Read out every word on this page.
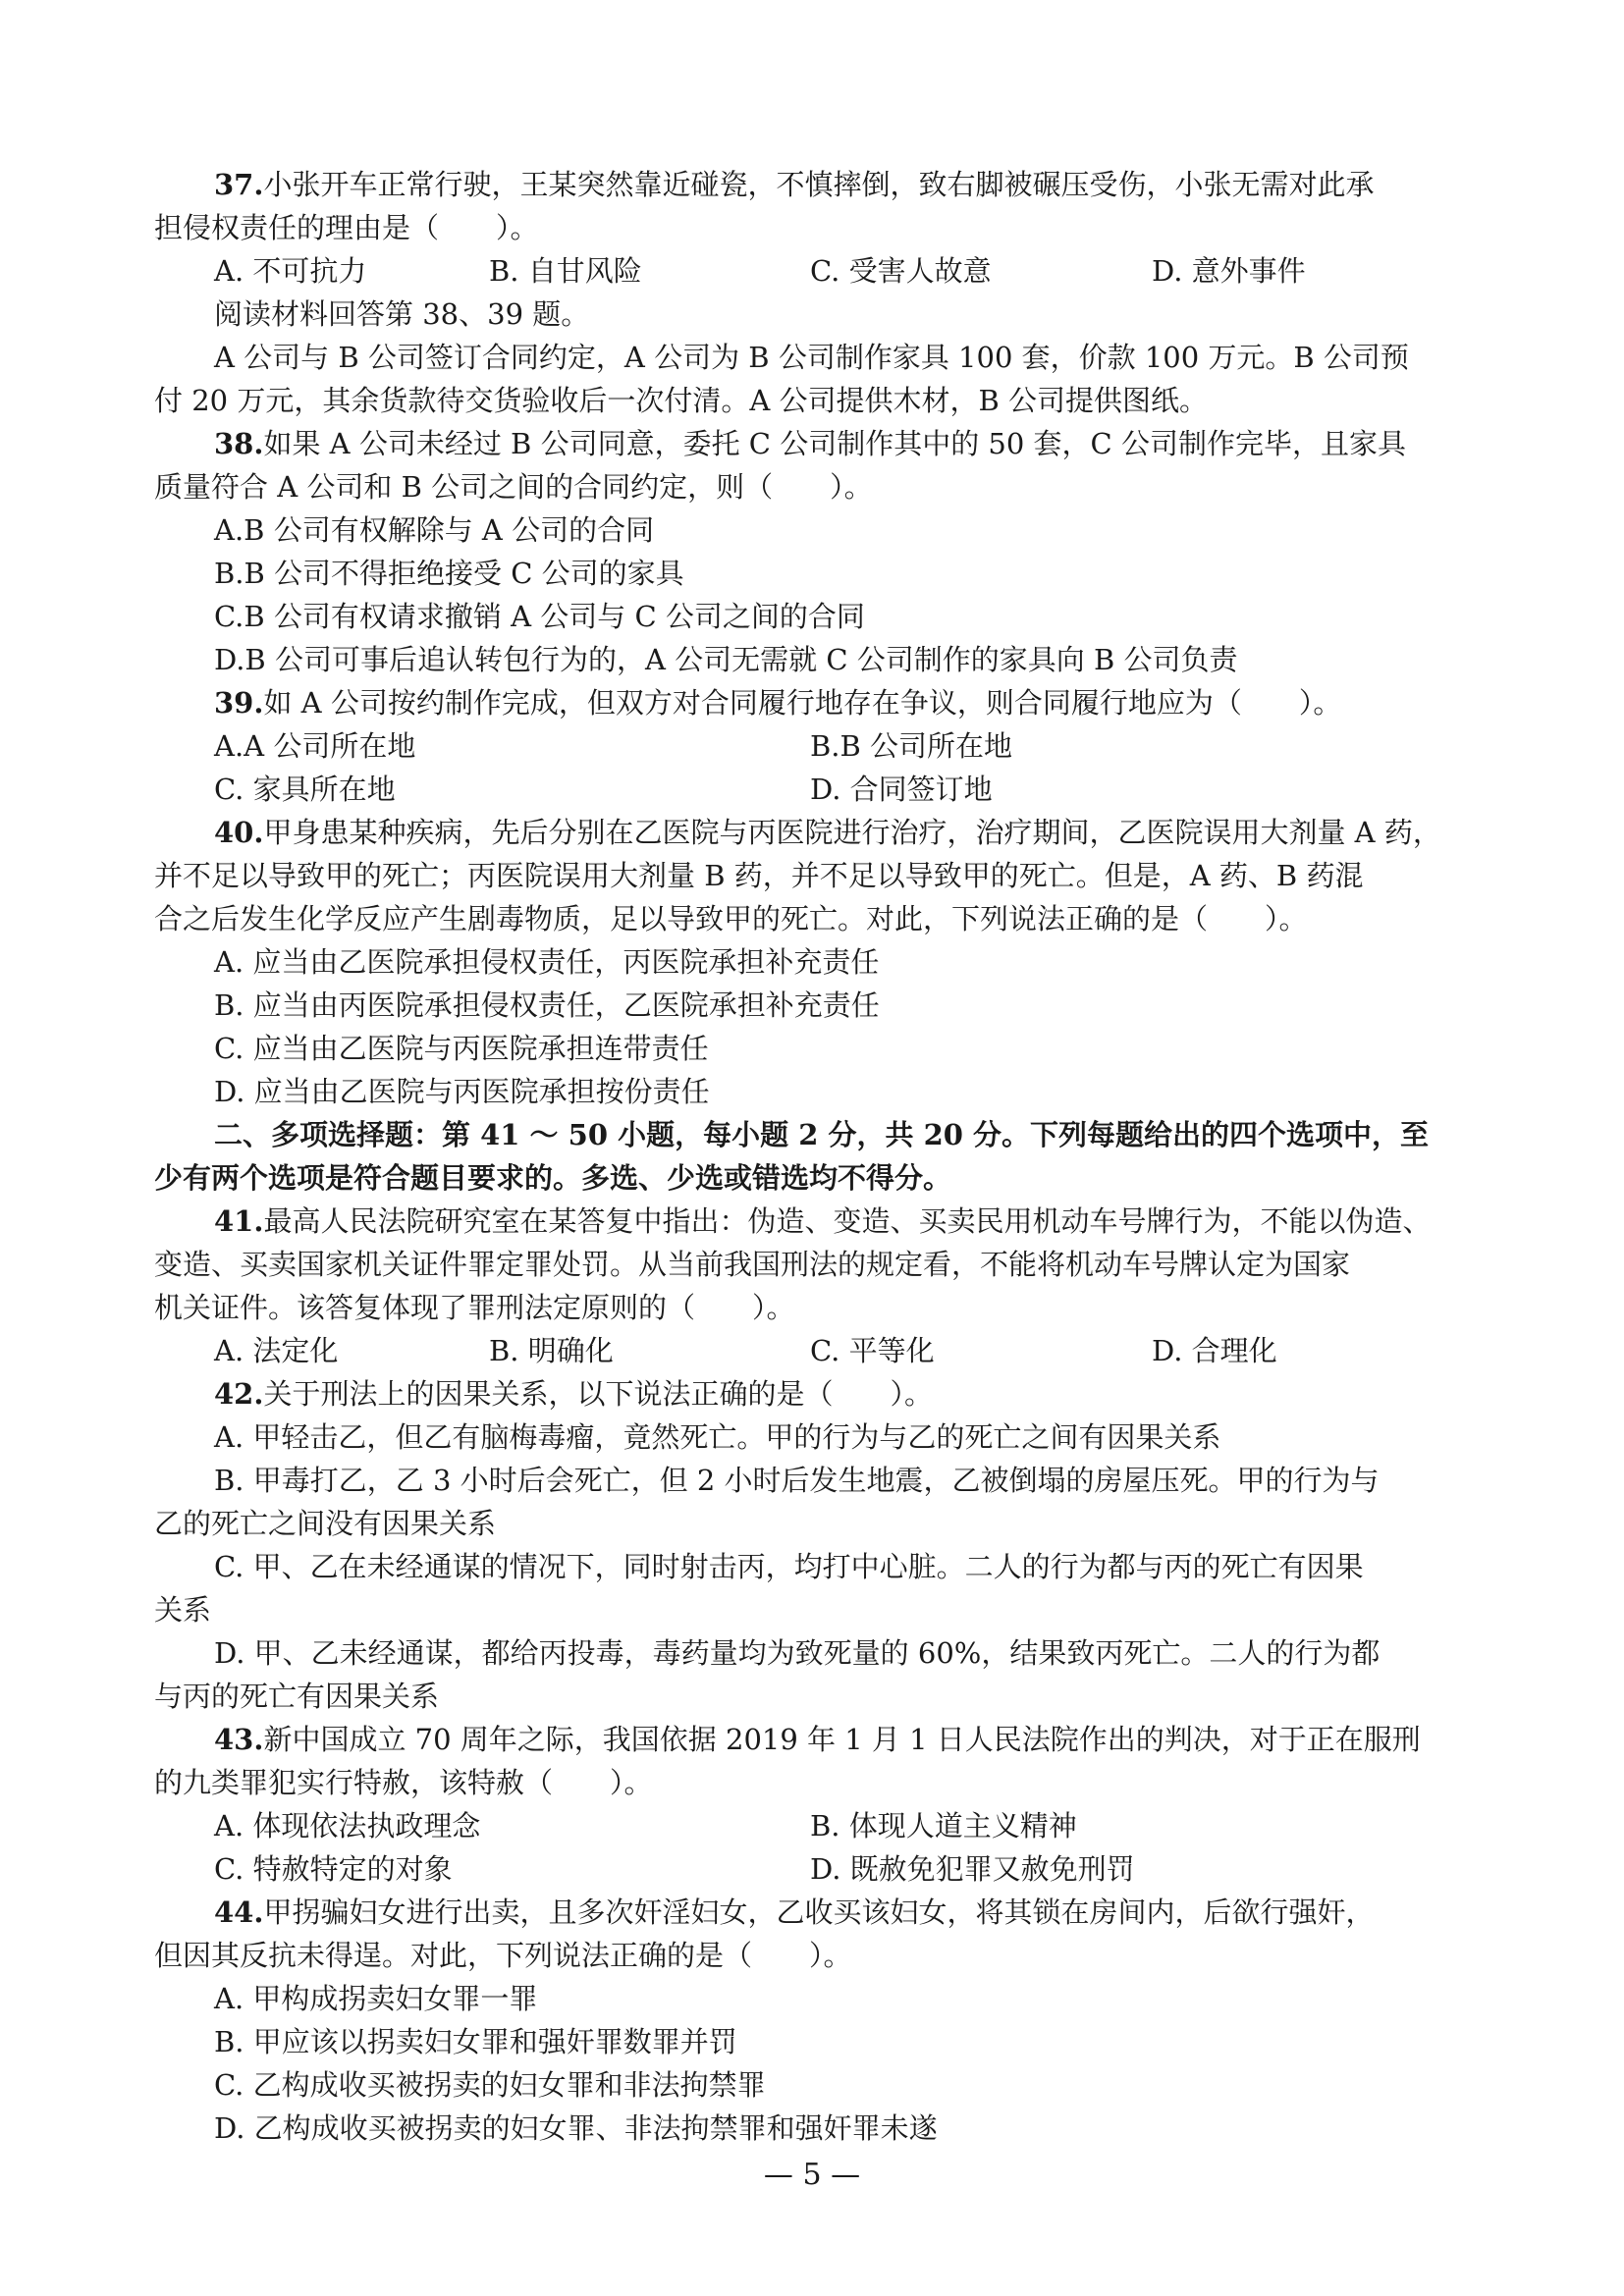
37.小张开车正常行驶，王某突然靠近碰瓷，不慎摔倒，致右脚被碾压受伤，小张无需对此承
担侵权责任的理由是（　　）。
A. 不可抗力	B. 自甘风险	C. 受害人故意	D. 意外事件
阅读材料回答第 38、39 题。
A 公司与 B 公司签订合同约定，A 公司为 B 公司制作家具 100 套，价款 100 万元。B 公司预
付 20 万元，其余货款待交货验收后一次付清。A 公司提供木材，B 公司提供图纸。
38.如果 A 公司未经过 B 公司同意，委托 C 公司制作其中的 50 套，C 公司制作完毕，且家具
质量符合 A 公司和 B 公司之间的合同约定，则（　　）。
A.B 公司有权解除与 A 公司的合同
B.B 公司不得拒绝接受 C 公司的家具
C.B 公司有权请求撤销 A 公司与 C 公司之间的合同
D.B 公司可事后追认转包行为的，A 公司无需就 C 公司制作的家具向 B 公司负责
39.如 A 公司按约制作完成，但双方对合同履行地存在争议，则合同履行地应为（　　）。
A.A 公司所在地	B.B 公司所在地
C. 家具所在地	D. 合同签订地
40.甲身患某种疾病，先后分别在乙医院与丙医院进行治疗，治疗期间，乙医院误用大剂量 A 药，
并不足以导致甲的死亡；丙医院误用大剂量 B 药，并不足以导致甲的死亡。但是，A 药、B 药混
合之后发生化学反应产生剧毒物质，足以导致甲的死亡。对此，下列说法正确的是（　　）。
A. 应当由乙医院承担侵权责任，丙医院承担补充责任
B. 应当由丙医院承担侵权责任，乙医院承担补充责任
C. 应当由乙医院与丙医院承担连带责任
D. 应当由乙医院与丙医院承担按份责任
二、多项选择题：第 41 ～ 50 小题，每小题 2 分，共 20 分。下列每题给出的四个选项中，至
少有两个选项是符合题目要求的。多选、少选或错选均不得分。
41.最高人民法院研究室在某答复中指出：伪造、变造、买卖民用机动车号牌行为，不能以伪造、
变造、买卖国家机关证件罪定罪处罚。从当前我国刑法的规定看，不能将机动车号牌认定为国家
机关证件。该答复体现了罪刑法定原则的（　　）。
A. 法定化	B. 明确化	C. 平等化	D. 合理化
42.关于刑法上的因果关系，以下说法正确的是（　　）。
A. 甲轻击乙，但乙有脑梅毒瘤，竟然死亡。甲的行为与乙的死亡之间有因果关系
B. 甲毒打乙，乙 3 小时后会死亡，但 2 小时后发生地震，乙被倒塌的房屋压死。甲的行为与
乙的死亡之间没有因果关系
C. 甲、乙在未经通谋的情况下，同时射击丙，均打中心脏。二人的行为都与丙的死亡有因果
关系
D. 甲、乙未经通谋，都给丙投毒，毒药量均为致死量的 60%，结果致丙死亡。二人的行为都
与丙的死亡有因果关系
43.新中国成立 70 周年之际，我国依据 2019 年 1 月 1 日人民法院作出的判决，对于正在服刑
的九类罪犯实行特赦，该特赦（　　）。
A. 体现依法执政理念	B. 体现人道主义精神
C. 特赦特定的对象	D. 既赦免犯罪又赦免刑罚
44.甲拐骗妇女进行出卖，且多次奸淫妇女，乙收买该妇女，将其锁在房间内，后欲行强奸，
但因其反抗未得逞。对此，下列说法正确的是（　　）。
A. 甲构成拐卖妇女罪一罪
B. 甲应该以拐卖妇女罪和强奸罪数罪并罚
C. 乙构成收买被拐卖的妇女罪和非法拘禁罪
D. 乙构成收买被拐卖的妇女罪、非法拘禁罪和强奸罪未遂
— 5 —
